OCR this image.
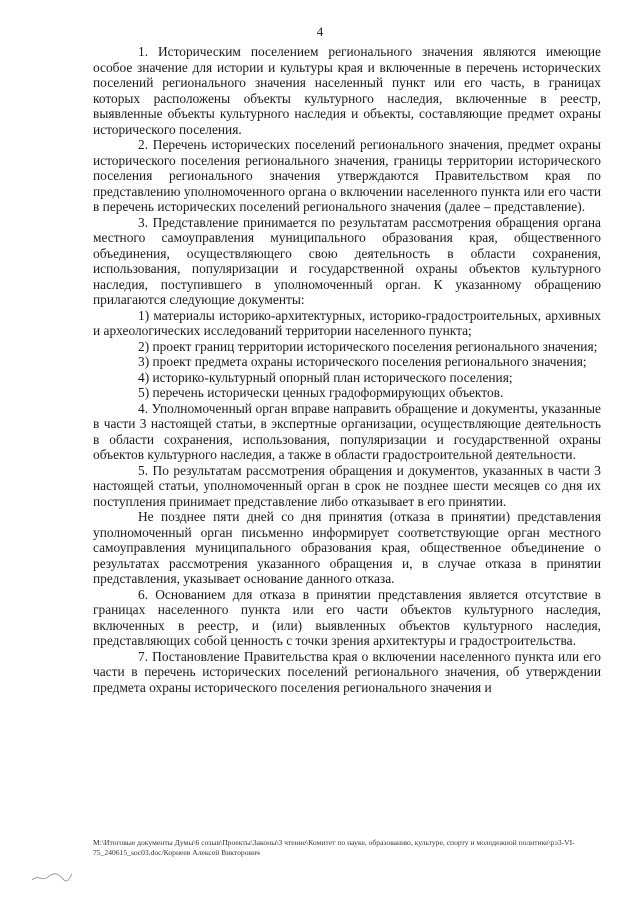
4

1. Историческим поселением регионального значения являются имеющие особое значение для истории и культуры края и включенные в перечень исторических поселений регионального значения населенный пункт или его часть, в границах которых расположены объекты культурного наследия, включенные в реестр, выявленные объекты культурного наследия и объекты, составляющие предмет охраны исторического поселения.

2. Перечень исторических поселений регионального значения, предмет охраны исторического поселения регионального значения, границы территории исторического поселения регионального значения утверждаются Правительством края по представлению уполномоченного органа о включении населенного пункта или его части в перечень исторических поселений регионального значения (далее – представление).

3. Представление принимается по результатам рассмотрения обращения органа местного самоуправления муниципального образования края, общественного объединения, осуществляющего свою деятельность в области сохранения, использования, популяризации и государственной охраны объектов культурного наследия, поступившего в уполномоченный орган. К указанному обращению прилагаются следующие документы:

1) материалы историко-архитектурных, историко-градостроительных, архивных и археологических исследований территории населенного пункта;

2) проект границ территории исторического поселения регионального значения;

3) проект предмета охраны исторического поселения регионального значения;

4) историко-культурный опорный план исторического поселения;

5) перечень исторически ценных градоформирующих объектов.

4. Уполномоченный орган вправе направить обращение и документы, указанные в части 3 настоящей статьи, в экспертные организации, осуществляющие деятельность в области сохранения, использования, популяризации и государственной охраны объектов культурного наследия, а также в области градостроительной деятельности.

5. По результатам рассмотрения обращения и документов, указанных в части 3 настоящей статьи, уполномоченный орган в срок не позднее шести месяцев со дня их поступления принимает представление либо отказывает в его принятии.

Не позднее пяти дней со дня принятия (отказа в принятии) представления уполномоченный орган письменно информирует соответствующие орган местного самоуправления муниципального образования края, общественное объединение о результатах рассмотрения указанного обращения и, в случае отказа в принятии представления, указывает основание данного отказа.

6. Основанием для отказа в принятии представления является отсутствие в границах населенного пункта или его части объектов культурного наследия, включенных в реестр, и (или) выявленных объектов культурного наследия, представляющих собой ценность с точки зрения архитектуры и градостроительства.

7. Постановление Правительства края о включении населенного пункта или его части в перечень исторических поселений регионального значения, об утверждении предмета охраны исторического поселения регионального значения и

M:\Итоговые документы Думы\6 созыв\Проекты\Законы\3 чтение\Комитет по науке, образованию, культуре, спорту и молодежной политике\рэ3-VI-75_240615_soc03.doc/Корнеев Алексей Викторович
